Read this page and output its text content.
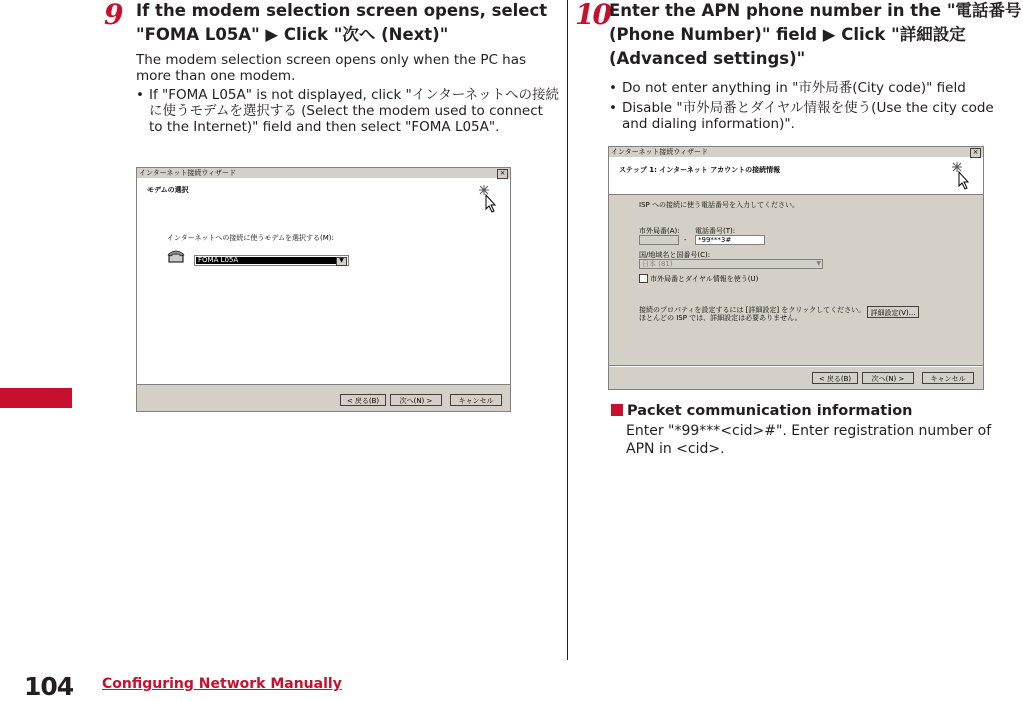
9 If the modem selection screen opens, select
"FOMA L05A" ▶ Click "次へ (Next)"
The modem selection screen opens only when the PC has more than one modem.
• If "FOMA L05A" is not displayed, click "インターネットへの接続に使うモデムを選択する (Select the modem used to connect to the Internet)" field and then select "FOMA L05A".
インターネット接続ウィザード	×
モデムの選択
インターネットへの接続に使うモデムを選択する(M):
FOMA L05A	▼
< 戻る(B)	次へ(N) >	キャンセル
10 Enter the APN phone number in the "電話番号
(Phone Number)" field ▶ Click "詳細設定
(Advanced settings)"
• Do not enter anything in "市外局番(City code)" field
• Disable "市外局番とダイヤル情報を使う(Use the city code and dialing information)".
インターネット接続ウィザード	×
ステップ 1: インターネット アカウントの接続情報
ISP への接続に使う電話番号を入力してください。
市外局番(A): 電話番号(T):
-	*99***3#
国/地域名と国番号(C):
日本 (81)	▼
市外局番とダイヤル情報を使う(U)
接続のプロパティを設定するには [詳細設定] をクリックしてください。
ほとんどの ISP では、詳細設定は必要ありません。
詳細設定(V)...
< 戻る(B)	次へ(N) >	キャンセル
Packet communication information
Enter "*99***<cid>#". Enter registration number of APN in <cid>.
104 Configuring Network Manually
